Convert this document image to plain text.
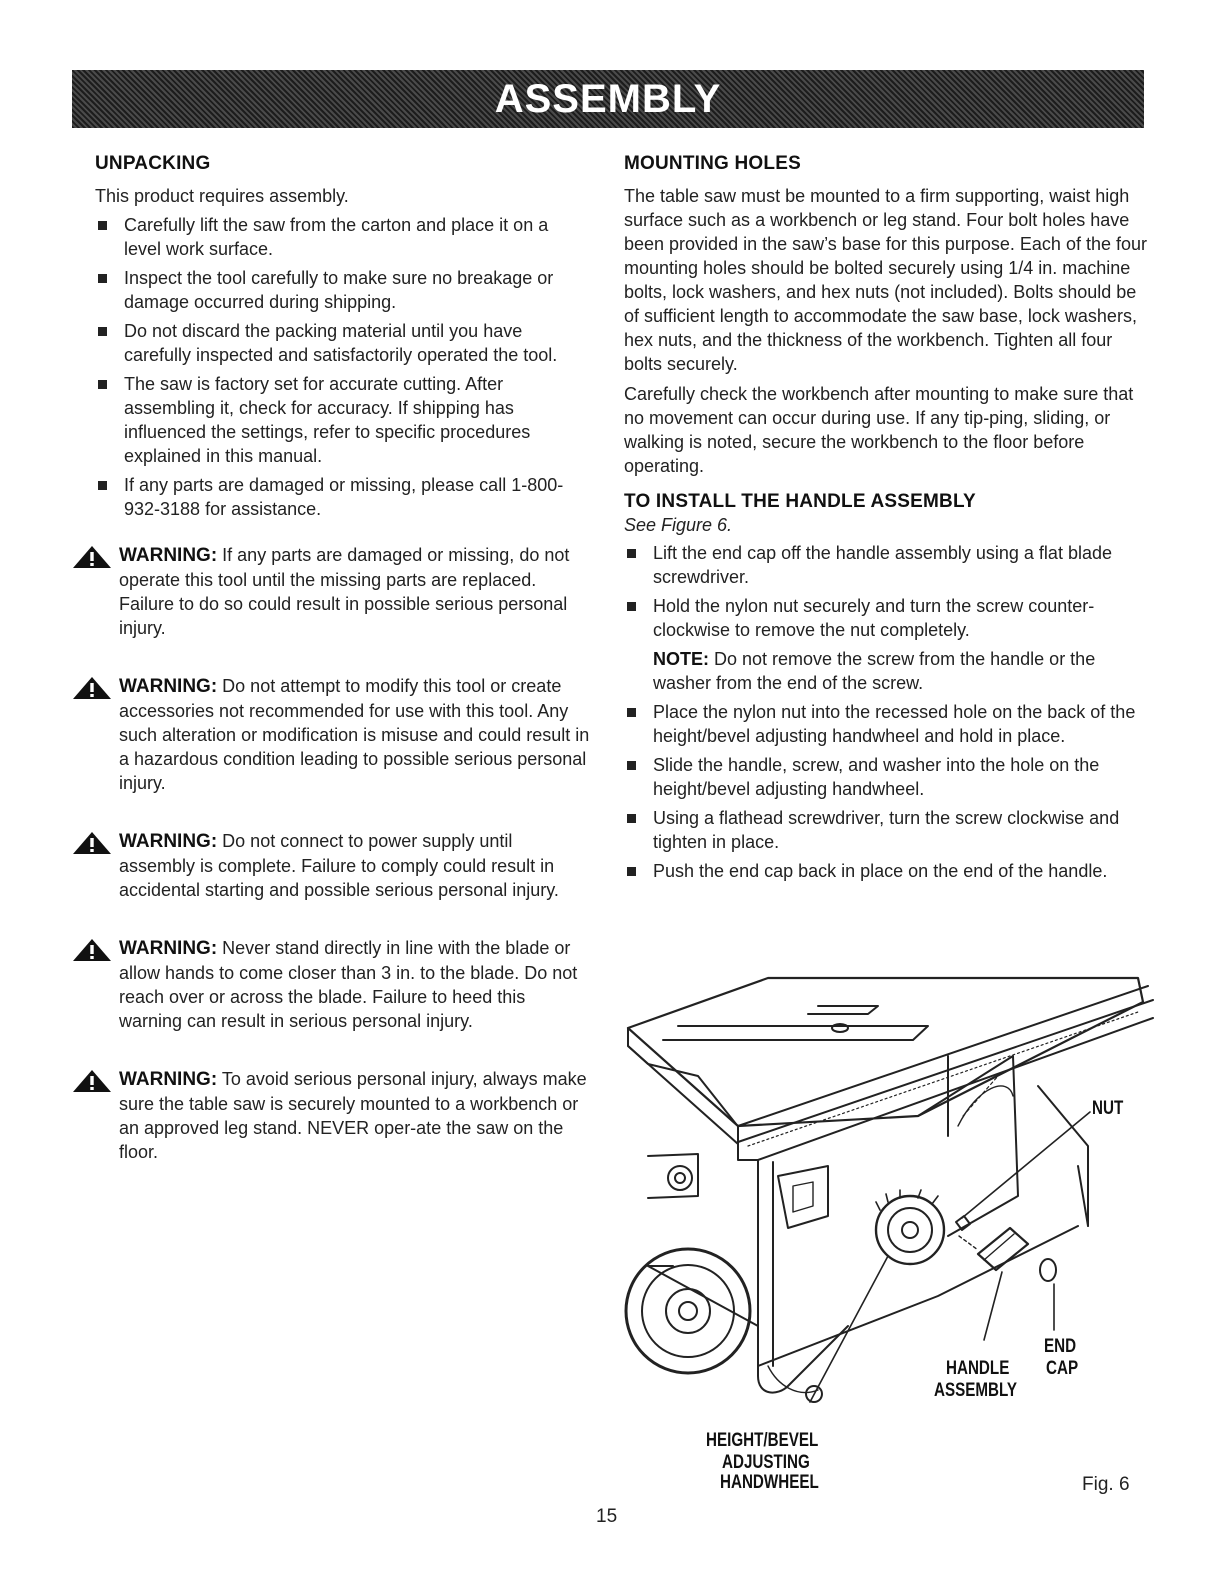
ASSEMBLY
UNPACKING

This product requires assembly.

Carefully lift the saw from the carton and place it on a level work surface.
Inspect the tool carefully to make sure no breakage or damage occurred during shipping.
Do not discard the packing material until you have carefully inspected and satisfactorily operated the tool.
The saw is factory set for accurate cutting. After assembling it, check for accuracy. If shipping has influenced the settings, refer to specific procedures explained in this manual.
If any parts are damaged or missing, please call 1-800-932-3188 for assistance.
WARNING: If any parts are damaged or missing, do not operate this tool until the missing parts are replaced. Failure to do so could result in possible serious personal injury.
WARNING: Do not attempt to modify this tool or create accessories not recommended for use with this tool. Any such alteration or modification is misuse and could result in a hazardous condition leading to possible serious personal injury.
WARNING: Do not connect to power supply until assembly is complete. Failure to comply could result in accidental starting and possible serious personal injury.
WARNING: Never stand directly in line with the blade or allow hands to come closer than 3 in. to the blade. Do not reach over or across the blade. Failure to heed this warning can result in serious personal injury.
WARNING: To avoid serious personal injury, always make sure the table saw is securely mounted to a workbench or an approved leg stand. NEVER oper-ate the saw on the floor.
MOUNTING HOLES

The table saw must be mounted to a firm supporting, waist high surface such as a workbench or leg stand. Four bolt holes have been provided in the saw’s base for this purpose. Each of the four mounting holes should be bolted securely using 1/4 in. machine bolts, lock washers, and hex nuts (not included). Bolts should be of sufficient length to accommodate the saw base, lock washers, hex nuts, and the thickness of the workbench. Tighten all four bolts securely.

Carefully check the workbench after mounting to make sure that no movement can occur during use. If any tip-ping, sliding, or walking is noted, secure the workbench to the floor before operating.

TO INSTALL THE HANDLE ASSEMBLY
See Figure 6.
Lift the end cap off the handle assembly using a flat blade screwdriver.
Hold the nylon nut securely and turn the screw counter-clockwise to remove the nut completely.
NOTE: Do not remove the screw from the handle or the washer from the end of the screw.
Place the nylon nut into the recessed hole on the back of the height/bevel adjusting handwheel and hold in place.
Slide the handle, screw, and washer into the hole on the height/bevel adjusting handwheel.
Using a flathead screwdriver, turn the screw clockwise and tighten in place.
Push the end cap back in place on the end of the handle.
NUT
END
CAP
HANDLE
ASSEMBLY
HEIGHT/BEVEL
ADJUSTING
HANDWHEEL	Fig. 6
15
